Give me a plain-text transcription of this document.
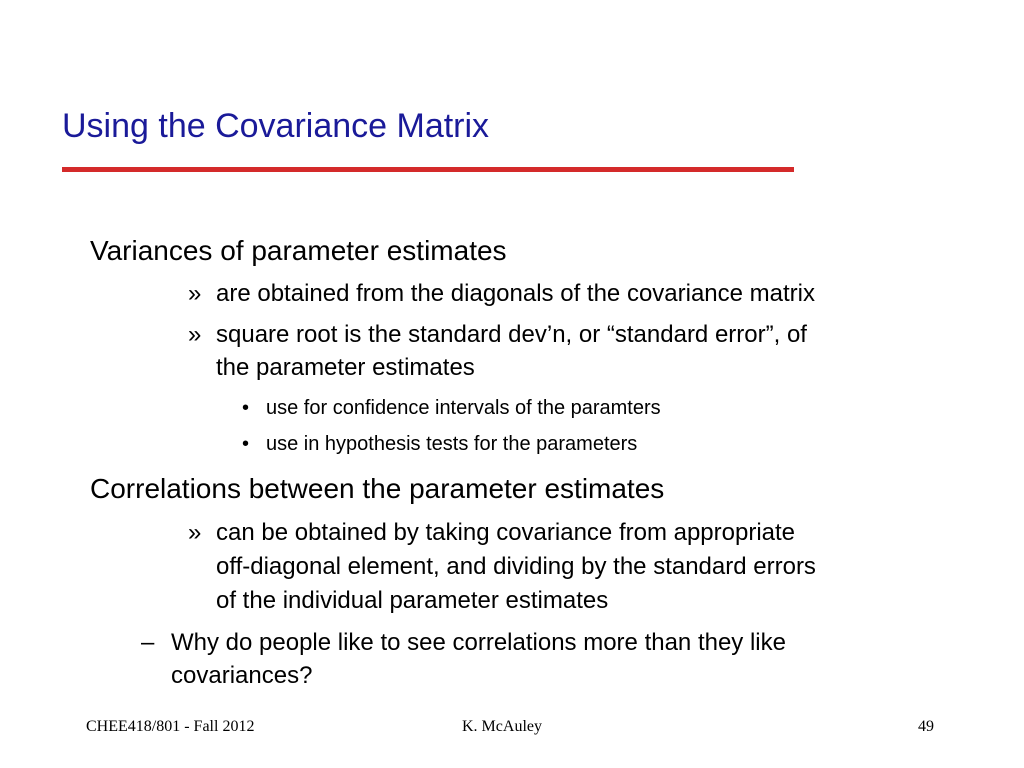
Using the Covariance Matrix
Variances of parameter estimates
» are obtained from the diagonals of the covariance matrix
» square root is the standard dev’n, or “standard error”, of
the parameter estimates
• use for confidence intervals of the paramters
• use in hypothesis tests for the parameters
Correlations between the parameter estimates
» can be obtained by taking covariance from appropriate
off-diagonal element, and dividing by the standard errors
of the individual parameter estimates
– Why do people like to see correlations more than they like
covariances?
CHEE418/801 - Fall 2012	K. McAuley	49
